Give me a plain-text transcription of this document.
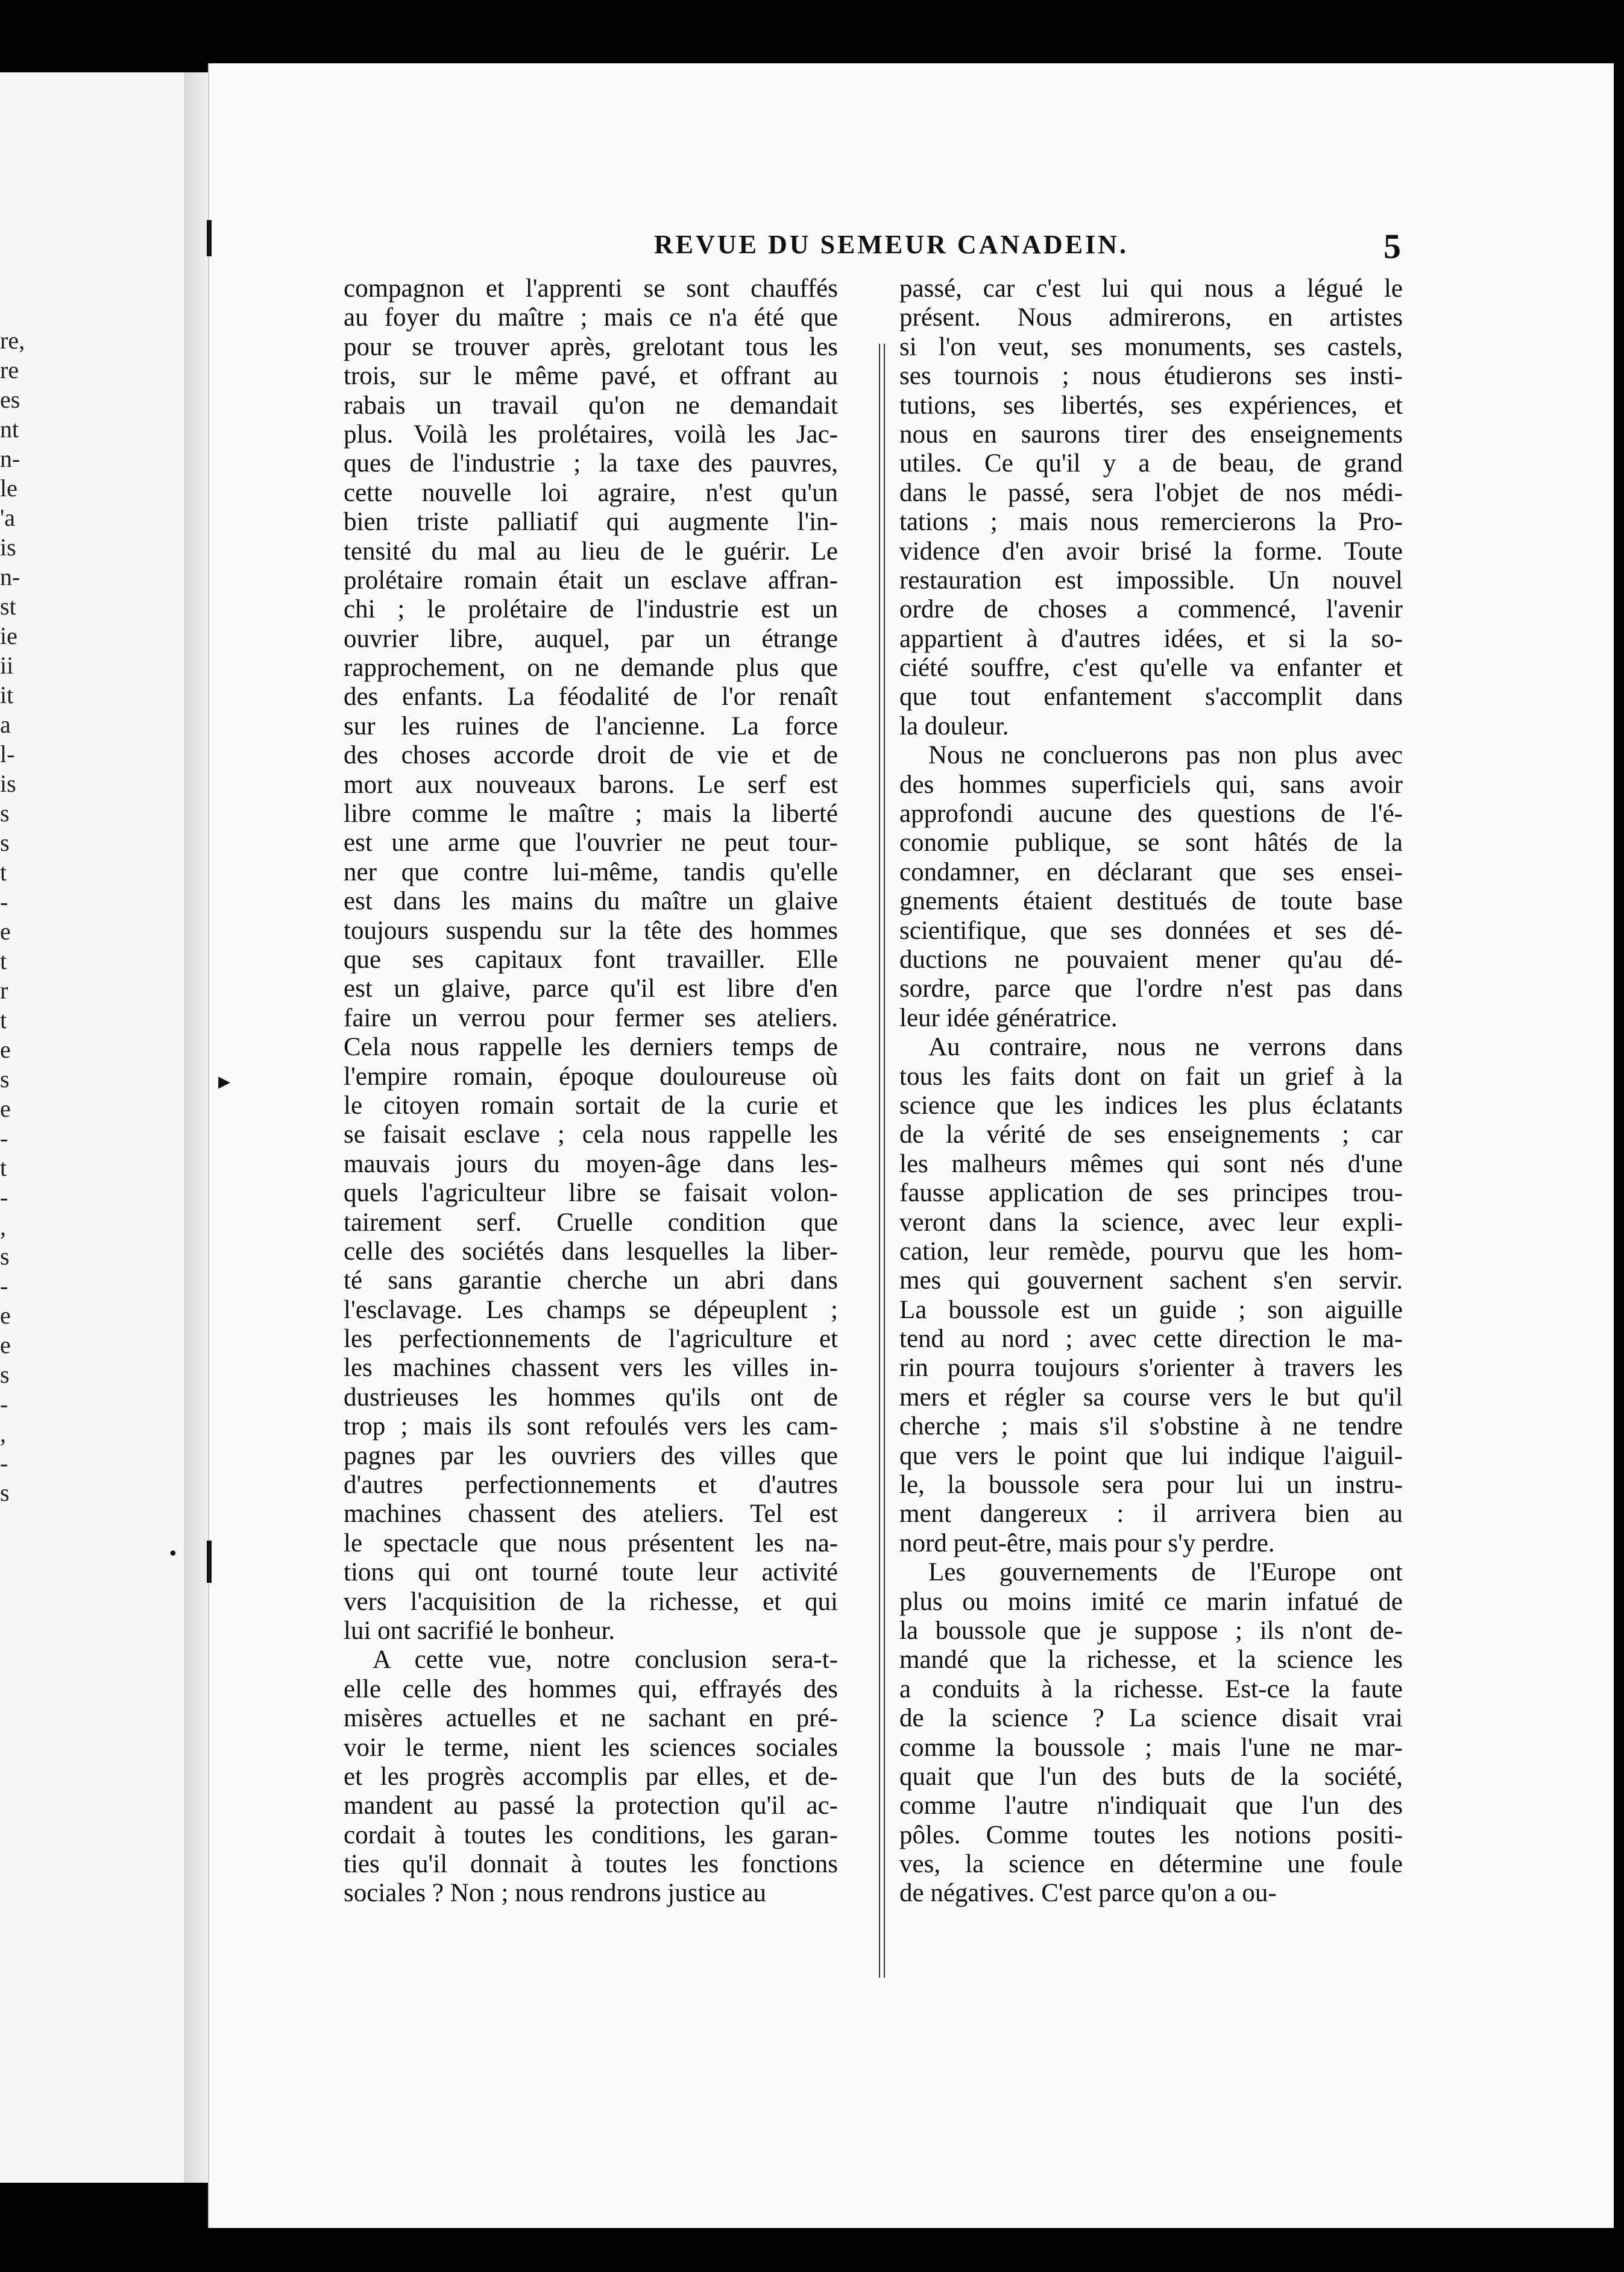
re,
re
es
nt
n-
le
'a
is
n-
st
ie
ii
it
a
l-
is
s
s
t
-
e
t
r
t
e
s
e
-
t
-
,
s
-
e
e
s
-
,
-
s
REVUE DU SEMEUR CANADEIN.	5
compagnon et l'apprenti se sont chauffés
au foyer du maître ; mais ce n'a été que
pour se trouver après, grelotant tous les
trois, sur le même pavé, et offrant au
rabais un travail qu'on ne demandait
plus. Voilà les prolétaires, voilà les Jac-
ques de l'industrie ; la taxe des pauvres,
cette nouvelle loi agraire, n'est qu'un
bien triste palliatif qui augmente l'in-
tensité du mal au lieu de le guérir. Le
prolétaire romain était un esclave affran-
chi ; le prolétaire de l'industrie est un
ouvrier libre, auquel, par un étrange
rapprochement, on ne demande plus que
des enfants. La féodalité de l'or renaît
sur les ruines de l'ancienne. La force
des choses accorde droit de vie et de
mort aux nouveaux barons. Le serf est
libre comme le maître ; mais la liberté
est une arme que l'ouvrier ne peut tour-
ner que contre lui-même, tandis qu'elle
est dans les mains du maître un glaive
toujours suspendu sur la tête des hommes
que ses capitaux font travailler. Elle
est un glaive, parce qu'il est libre d'en
faire un verrou pour fermer ses ateliers.
Cela nous rappelle les derniers temps de
l'empire romain, époque douloureuse où
le citoyen romain sortait de la curie et
se faisait esclave ; cela nous rappelle les
mauvais jours du moyen-âge dans les-
quels l'agriculteur libre se faisait volon-
tairement serf. Cruelle condition que
celle des sociétés dans lesquelles la liber-
té sans garantie cherche un abri dans
l'esclavage. Les champs se dépeuplent ;
les perfectionnements de l'agriculture et
les machines chassent vers les villes in-
dustrieuses les hommes qu'ils ont de
trop ; mais ils sont refoulés vers les cam-
pagnes par les ouvriers des villes que
d'autres perfectionnements et d'autres
machines chassent des ateliers. Tel est
le spectacle que nous présentent les na-
tions qui ont tourné toute leur activité
vers l'acquisition de la richesse, et qui
lui ont sacrifié le bonheur.
A cette vue, notre conclusion sera-t-
elle celle des hommes qui, effrayés des
misères actuelles et ne sachant en pré-
voir le terme, nient les sciences sociales
et les progrès accomplis par elles, et de-
mandent au passé la protection qu'il ac-
cordait à toutes les conditions, les garan-
ties qu'il donnait à toutes les fonctions
sociales ? Non ; nous rendrons justice au
passé, car c'est lui qui nous a légué le
présent. Nous admirerons, en artistes
si l'on veut, ses monuments, ses castels,
ses tournois ; nous étudierons ses insti-
tutions, ses libertés, ses expériences, et
nous en saurons tirer des enseignements
utiles. Ce qu'il y a de beau, de grand
dans le passé, sera l'objet de nos médi-
tations ; mais nous remercierons la Pro-
vidence d'en avoir brisé la forme. Toute
restauration est impossible. Un nouvel
ordre de choses a commencé, l'avenir
appartient à d'autres idées, et si la so-
ciété souffre, c'est qu'elle va enfanter et
que tout enfantement s'accomplit dans
la douleur.
Nous ne concluerons pas non plus avec
des hommes superficiels qui, sans avoir
approfondi aucune des questions de l'é-
conomie publique, se sont hâtés de la
condamner, en déclarant que ses ensei-
gnements étaient destitués de toute base
scientifique, que ses données et ses dé-
ductions ne pouvaient mener qu'au dé-
sordre, parce que l'ordre n'est pas dans
leur idée génératrice.
Au contraire, nous ne verrons dans
tous les faits dont on fait un grief à la
science que les indices les plus éclatants
de la vérité de ses enseignements ; car
les malheurs mêmes qui sont nés d'une
fausse application de ses principes trou-
veront dans la science, avec leur expli-
cation, leur remède, pourvu que les hom-
mes qui gouvernent sachent s'en servir.
La boussole est un guide ; son aiguille
tend au nord ; avec cette direction le ma-
rin pourra toujours s'orienter à travers les
mers et régler sa course vers le but qu'il
cherche ; mais s'il s'obstine à ne tendre
que vers le point que lui indique l'aiguil-
le, la boussole sera pour lui un instru-
ment dangereux : il arrivera bien au
nord peut-être, mais pour s'y perdre.
Les gouvernements de l'Europe ont
plus ou moins imité ce marin infatué de
la boussole que je suppose ; ils n'ont de-
mandé que la richesse, et la science les
a conduits à la richesse. Est-ce la faute
de la science ? La science disait vrai
comme la boussole ; mais l'une ne mar-
quait que l'un des buts de la société,
comme l'autre n'indiquait que l'un des
pôles. Comme toutes les notions positi-
ves, la science en détermine une foule
de négatives. C'est parce qu'on a ou-
▸
•
